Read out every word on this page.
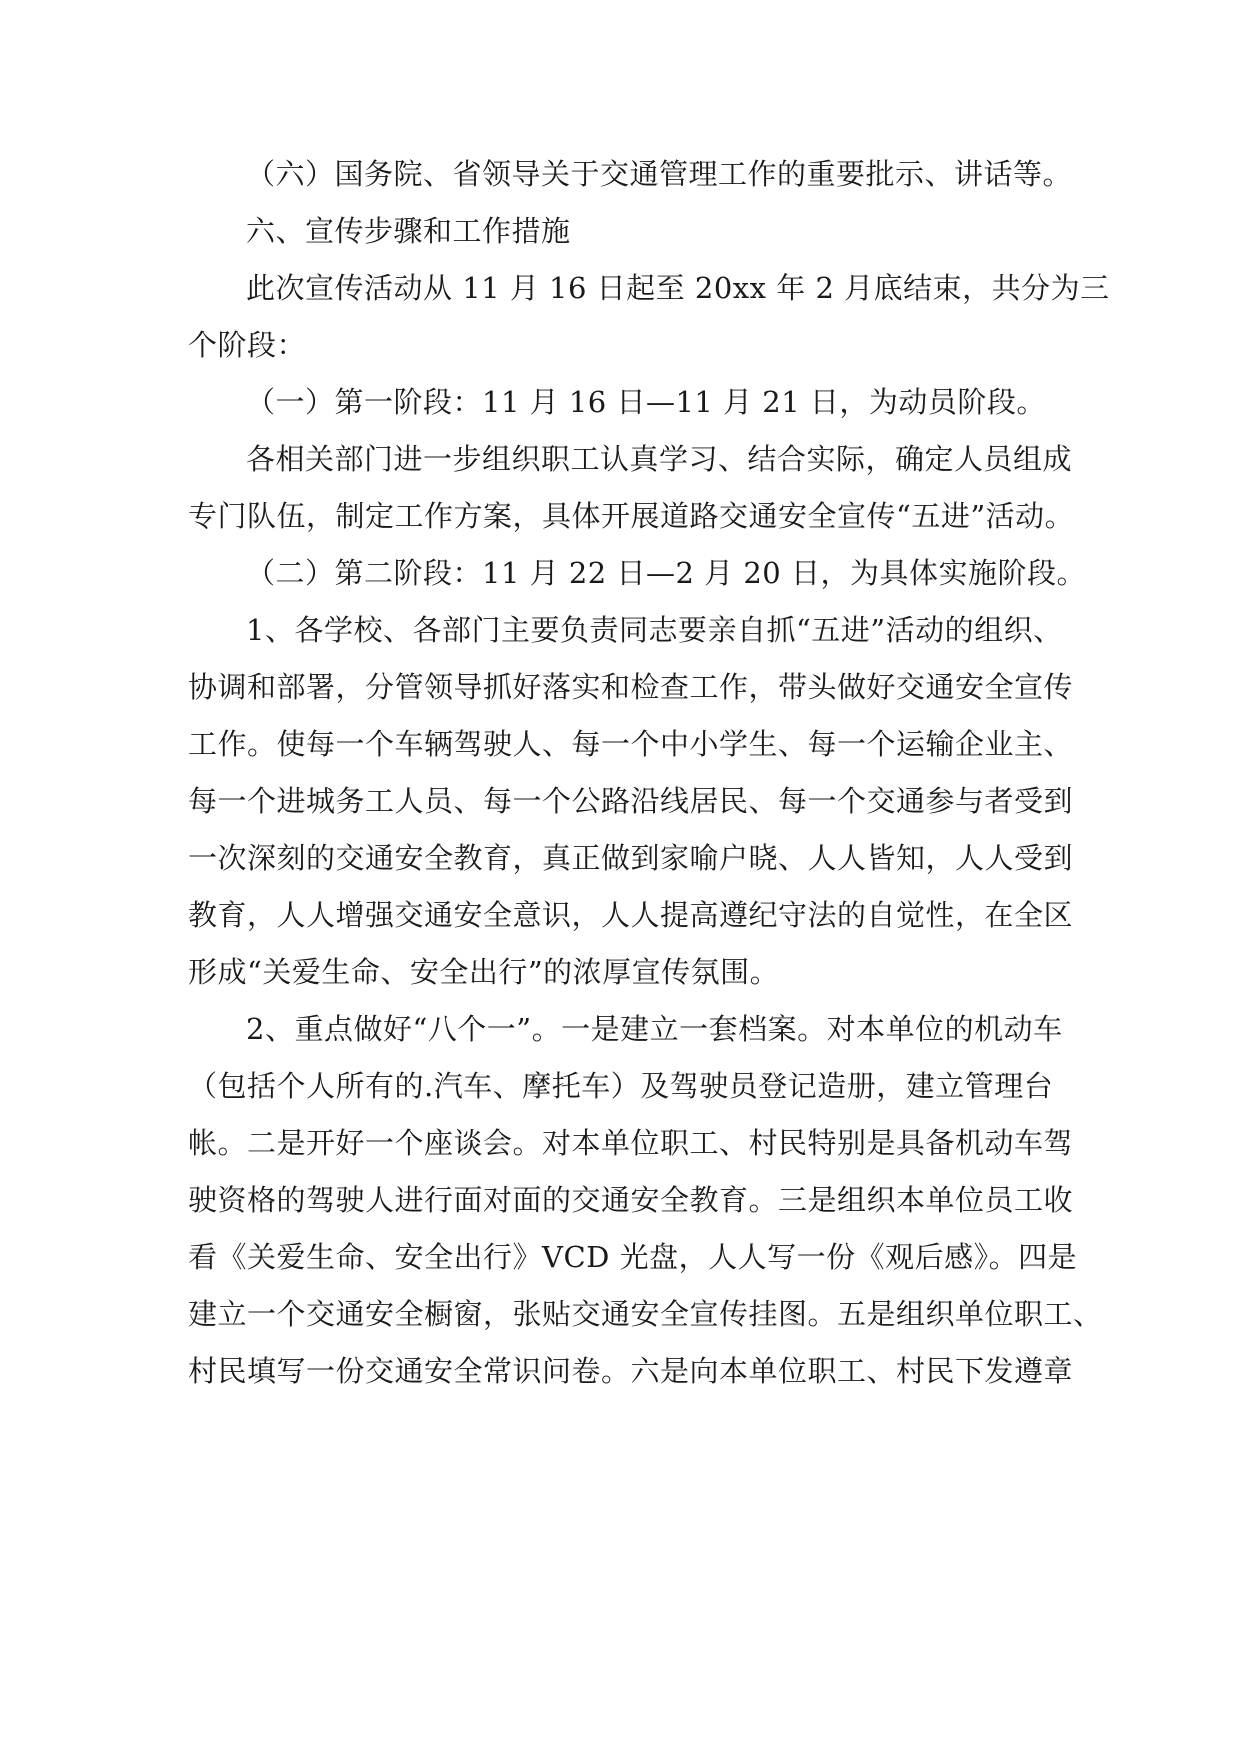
（六）国务院、省领导关于交通管理工作的重要批示、讲话等。
六、宣传步骤和工作措施
此次宣传活动从 11 月 16 日起至 20xx 年 2 月底结束，共分为三
个阶段：
（一）第一阶段：11 月 16 日—11 月 21 日，为动员阶段。
各相关部门进一步组织职工认真学习、结合实际，确定人员组成
专门队伍，制定工作方案，具体开展道路交通安全宣传“五进”活动。
（二）第二阶段：11 月 22 日—2 月 20 日，为具体实施阶段。
1、各学校、各部门主要负责同志要亲自抓“五进”活动的组织、
协调和部署，分管领导抓好落实和检查工作，带头做好交通安全宣传
工作。使每一个车辆驾驶人、每一个中小学生、每一个运输企业主、
每一个进城务工人员、每一个公路沿线居民、每一个交通参与者受到
一次深刻的交通安全教育，真正做到家喻户晓、人人皆知，人人受到
教育，人人增强交通安全意识，人人提高遵纪守法的自觉性，在全区
形成“关爱生命、安全出行”的浓厚宣传氛围。
2、重点做好“八个一”。一是建立一套档案。对本单位的机动车
（包括个人所有的.汽车、摩托车）及驾驶员登记造册，建立管理台
帐。二是开好一个座谈会。对本单位职工、村民特别是具备机动车驾
驶资格的驾驶人进行面对面的交通安全教育。三是组织本单位员工收
看《关爱生命、安全出行》VCD 光盘，人人写一份《观后感》。四是
建立一个交通安全橱窗，张贴交通安全宣传挂图。五是组织单位职工、
村民填写一份交通安全常识问卷。六是向本单位职工、村民下发遵章
